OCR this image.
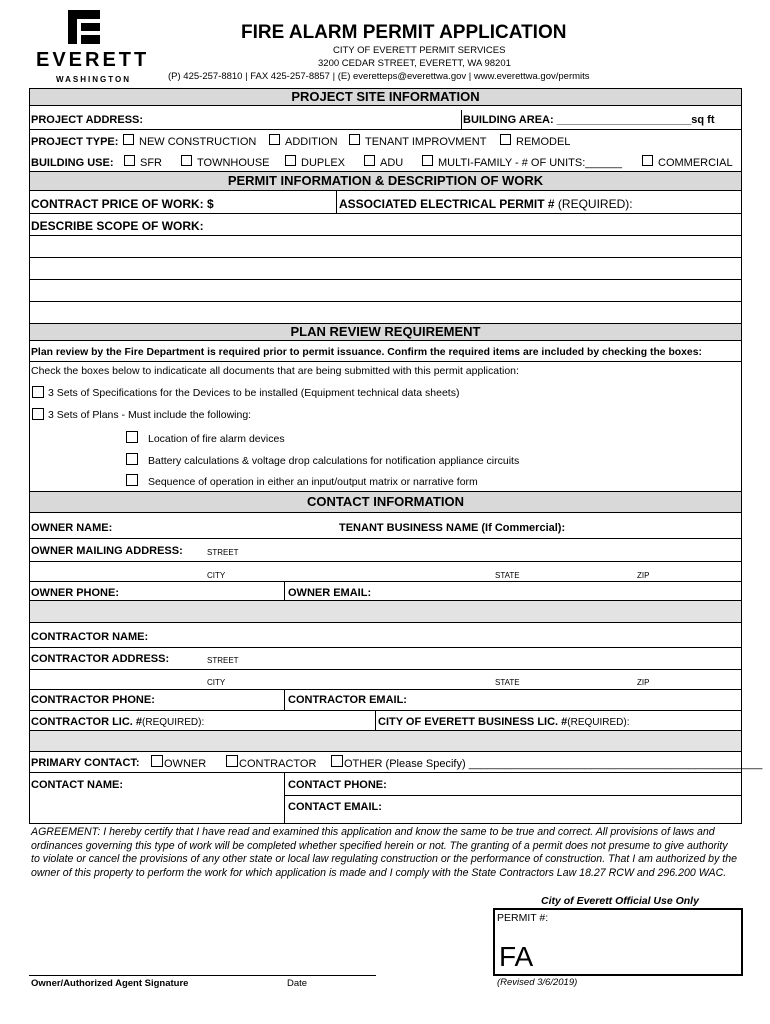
EVERETT
WASHINGTON
FIRE ALARM PERMIT APPLICATION
CITY OF EVERETT PERMIT SERVICES
3200 CEDAR STREET, EVERETT, WA 98201
(P) 425-257-8810 | FAX 425-257-8857 | (E) everetteps@everettwa.gov | www.everettwa.gov/permits
PROJECT SITE INFORMATION
PROJECT ADDRESS:	BUILDING AREA: ______________________sq ft
PROJECT TYPE: NEW CONSTRUCTION	ADDITION TENANT IMPROVMENT	REMODEL
BUILDING USE: SFR	TOWNHOUSE	DUPLEX	ADU	MULTI-FAMILY - # OF UNITS:______	COMMERCIAL
PERMIT INFORMATION & DESCRIPTION OF WORK
CONTRACT PRICE OF WORK: $	ASSOCIATED ELECTRICAL PERMIT # (REQUIRED):
DESCRIBE SCOPE OF WORK:
PLAN REVIEW REQUIREMENT
Plan review by the Fire Department is required prior to permit issuance. Confirm the required items are included by checking the boxes:
Check the boxes below to indicaticate all documents that are being submitted with this permit application:
3 Sets of Specifications for the Devices to be installed (Equipment technical data sheets)
3 Sets of Plans - Must include the following:
Location of fire alarm devices
Battery calculations & voltage drop calculations for notification appliance circuits
Sequence of operation in either an input/output matrix or narrative form
CONTACT INFORMATION
OWNER NAME:	TENANT BUSINESS NAME (If Commercial):
OWNER MAILING ADDRESS:	STREET
CITY	STATE	ZIP
OWNER PHONE:	OWNER EMAIL:
CONTRACTOR NAME:
CONTRACTOR ADDRESS:	STREET
CITY	STATE	ZIP
CONTRACTOR PHONE:	CONTRACTOR EMAIL:
CONTRACTOR LIC. #(REQUIRED):	CITY OF EVERETT BUSINESS LIC. #(REQUIRED):
PRIMARY CONTACT: OWNER	CONTRACTOR	OTHER (Please Specify) ________________________________________________
CONTACT NAME:	CONTACT PHONE:
CONTACT EMAIL:
AGREEMENT: I hereby certify that I have read and examined this application and know the same to be true and correct. All provisions of laws and ordinances governing this type of work will be completed whether specified herein or not. The granting of a permit does not presume to give authority to violate or cancel the provisions of any other state or local law regulating construction or the performance of construction. That I am authorized by the owner of this property to perform the work for which application is made and I comply with the State Contractors Law 18.27 RCW and 296.200 WAC.
City of Everett Official Use Only
PERMIT #:
FA
Owner/Authorized Agent Signature	Date	(Revised 3/6/2019)
